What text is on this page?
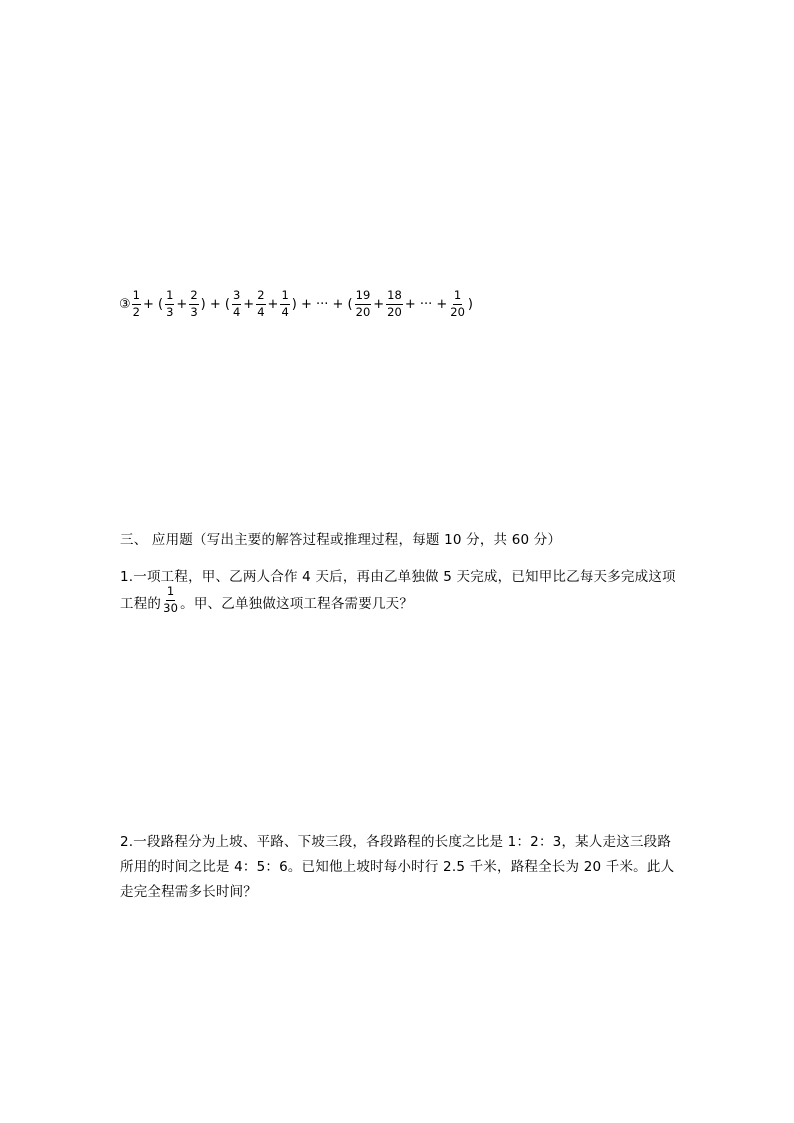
③ $\frac{1}{2}$ + ( $\frac{1}{3} + \frac{2}{3}$ ) + ( $\frac{3}{4} + \frac{2}{4} + \frac{1}{4}$ ) + ··· + ( $\frac{19}{20} + \frac{18}{20}$ + ··· + $\frac{1}{20}$ )
三、 应用题（写出主要的解答过程或推理过程，每题 10 分，共 60 分）
1.一项工程，甲、乙两人合作 4 天后，再由乙单独做 5 天完成，已知甲比乙每天多完成这项
工程的 $\frac{1}{30}$ 。甲、乙单独做这项工程各需要几天？
2.一段路程分为上坡、平路、下坡三段，各段路程的长度之比是 1：2：3，某人走这三段路
所用的时间之比是 4：5：6。已知他上坡时每小时行 2.5 千米，路程全长为 20 千米。此人
走完全程需多长时间？
